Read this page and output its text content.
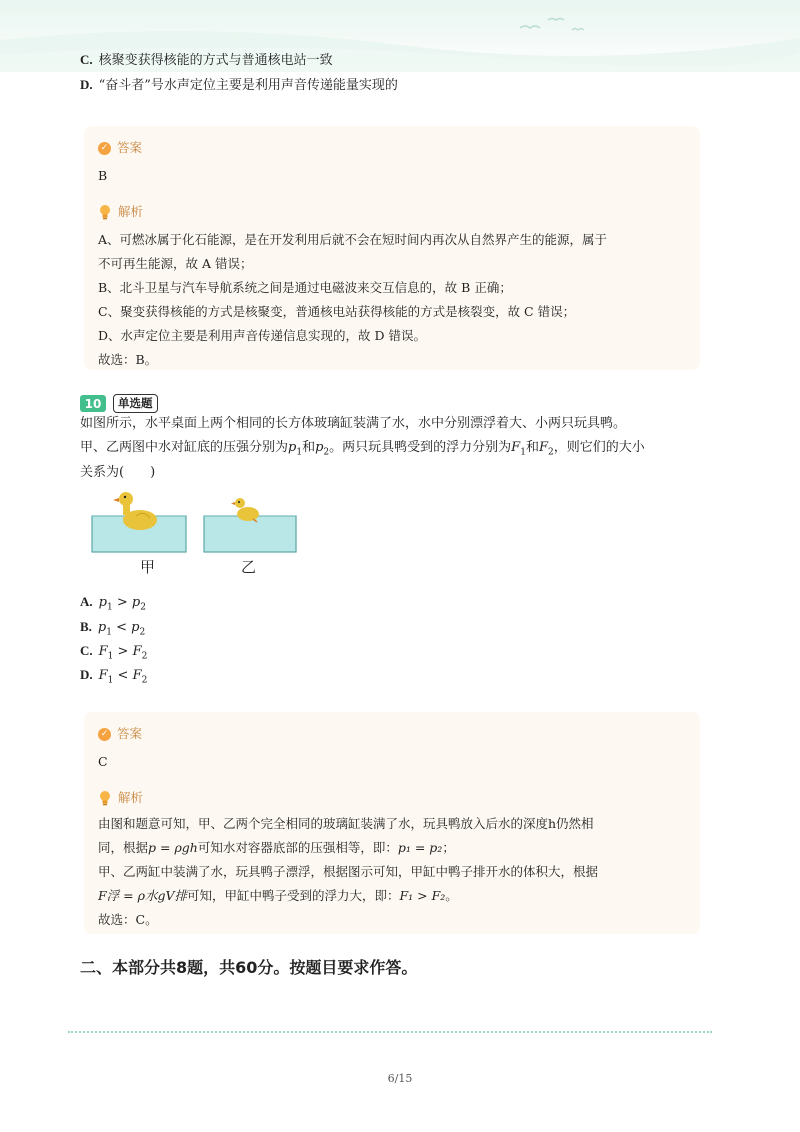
C. 核聚变获得核能的方式与普通核电站一致
D. “奋斗者”号水声定位主要是利用声音传递能量实现的
✓ 答案
B
解析
A、可燃冰属于化石能源，是在开发利用后就不会在短时间内再次从自然界产生的能源，属于
不可再生能源，故 A 错误；
B、北斗卫星与汽车导航系统之间是通过电磁波来交互信息的，故 B 正确；
C、聚变获得核能的方式是核聚变，普通核电站获得核能的方式是核裂变，故 C 错误；
D、水声定位主要是利用声音传递信息实现的，故 D 错误。
故选：B。
10	单选题
如图所示，水平桌面上两个相同的长方体玻璃缸装满了水，水中分别漂浮着大、小两只玩具鸭。
甲、乙两图中水对缸底的压强分别为$p_1$和$p_2$。两只玩具鸭受到的浮力分别为$F_1$和$F_2$，则它们的大小
关系为(　　)
甲	乙
A. $p_1 > p_2$
B. $p_1 < p_2$
C. $F_1 > F_2$
D. $F_1 < F_2$
✓ 答案
C
解析
由图和题意可知，甲、乙两个完全相同的玻璃缸装满了水，玩具鸭放入后水的深度h仍然相
同，根据p = ρgh可知水对容器底部的压强相等，即：p₁ = p₂；
甲、乙两缸中装满了水，玩具鸭子漂浮，根据图示可知，甲缸中鸭子排开水的体积大，根据
F浮 = ρ水gV排可知，甲缸中鸭子受到的浮力大，即：F₁ > F₂。
故选：C。
二、本部分共8题，共60分。按题目要求作答。
6/15
